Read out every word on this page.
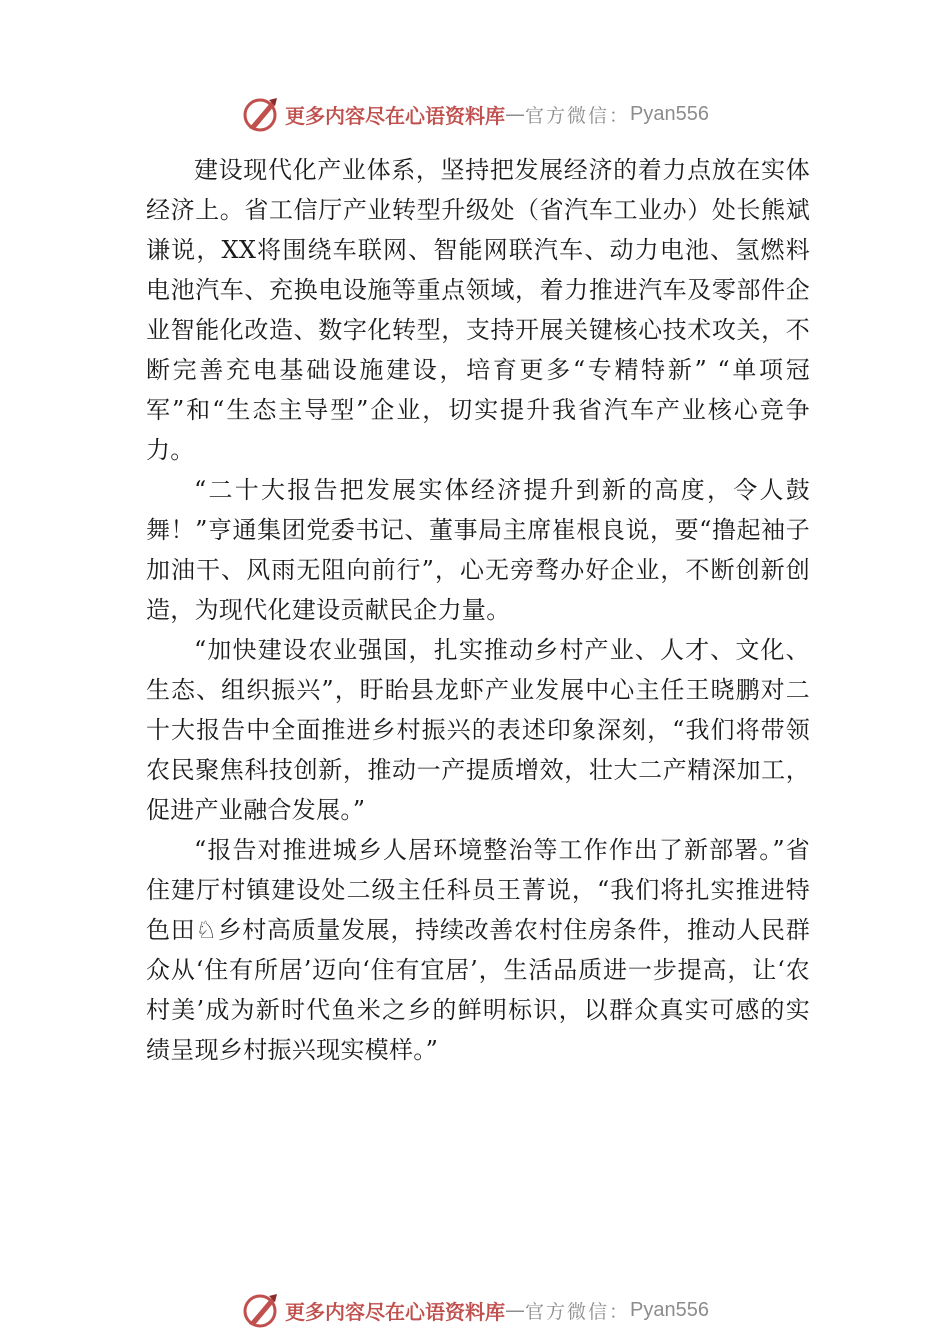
更多内容尽在心语资料库 — 官方微信： Pyan556

建设现代化产业体系，坚持把发展经济的着力点放在实体经济上。省工信厅产业转型升级处（省汽车工业办）处长熊斌谦说，XX将围绕车联网、智能网联汽车、动力电池、氢燃料电池汽车、充换电设施等重点领域，着力推进汽车及零部件企业智能化改造、数字化转型，支持开展关键核心技术攻关，不断完善充电基础设施建设，培育更多“专精特新” “单项冠军”和“生态主导型”企业，切实提升我省汽车产业核心竞争力。

“二十大报告把发展实体经济提升到新的高度，令人鼓舞！”亨通集团党委书记、董事局主席崔根良说，要“撸起袖子加油干、风雨无阻向前行”，心无旁骛办好企业，不断创新创造，为现代化建设贡献民企力量。

“加快建设农业强国，扎实推动乡村产业、人才、文化、生态、组织振兴”，盱眙县龙虾产业发展中心主任王晓鹏对二十大报告中全面推进乡村振兴的表述印象深刻，“我们将带领农民聚焦科技创新，推动一产提质增效，壮大二产精深加工，促进产业融合发展。”

“报告对推进城乡人居环境整治等工作作出了新部署。”省住建厅村镇建设处二级主任科员王菁说，“我们将扎实推进特色田♘乡村高质量发展，持续改善农村住房条件，推动人民群众从‘住有所居’迈向‘住有宜居’，生活品质进一步提高，让‘农村美’成为新时代鱼米之乡的鲜明标识，以群众真实可感的实绩呈现乡村振兴现实模样。”

更多内容尽在心语资料库 — 官方微信： Pyan556
